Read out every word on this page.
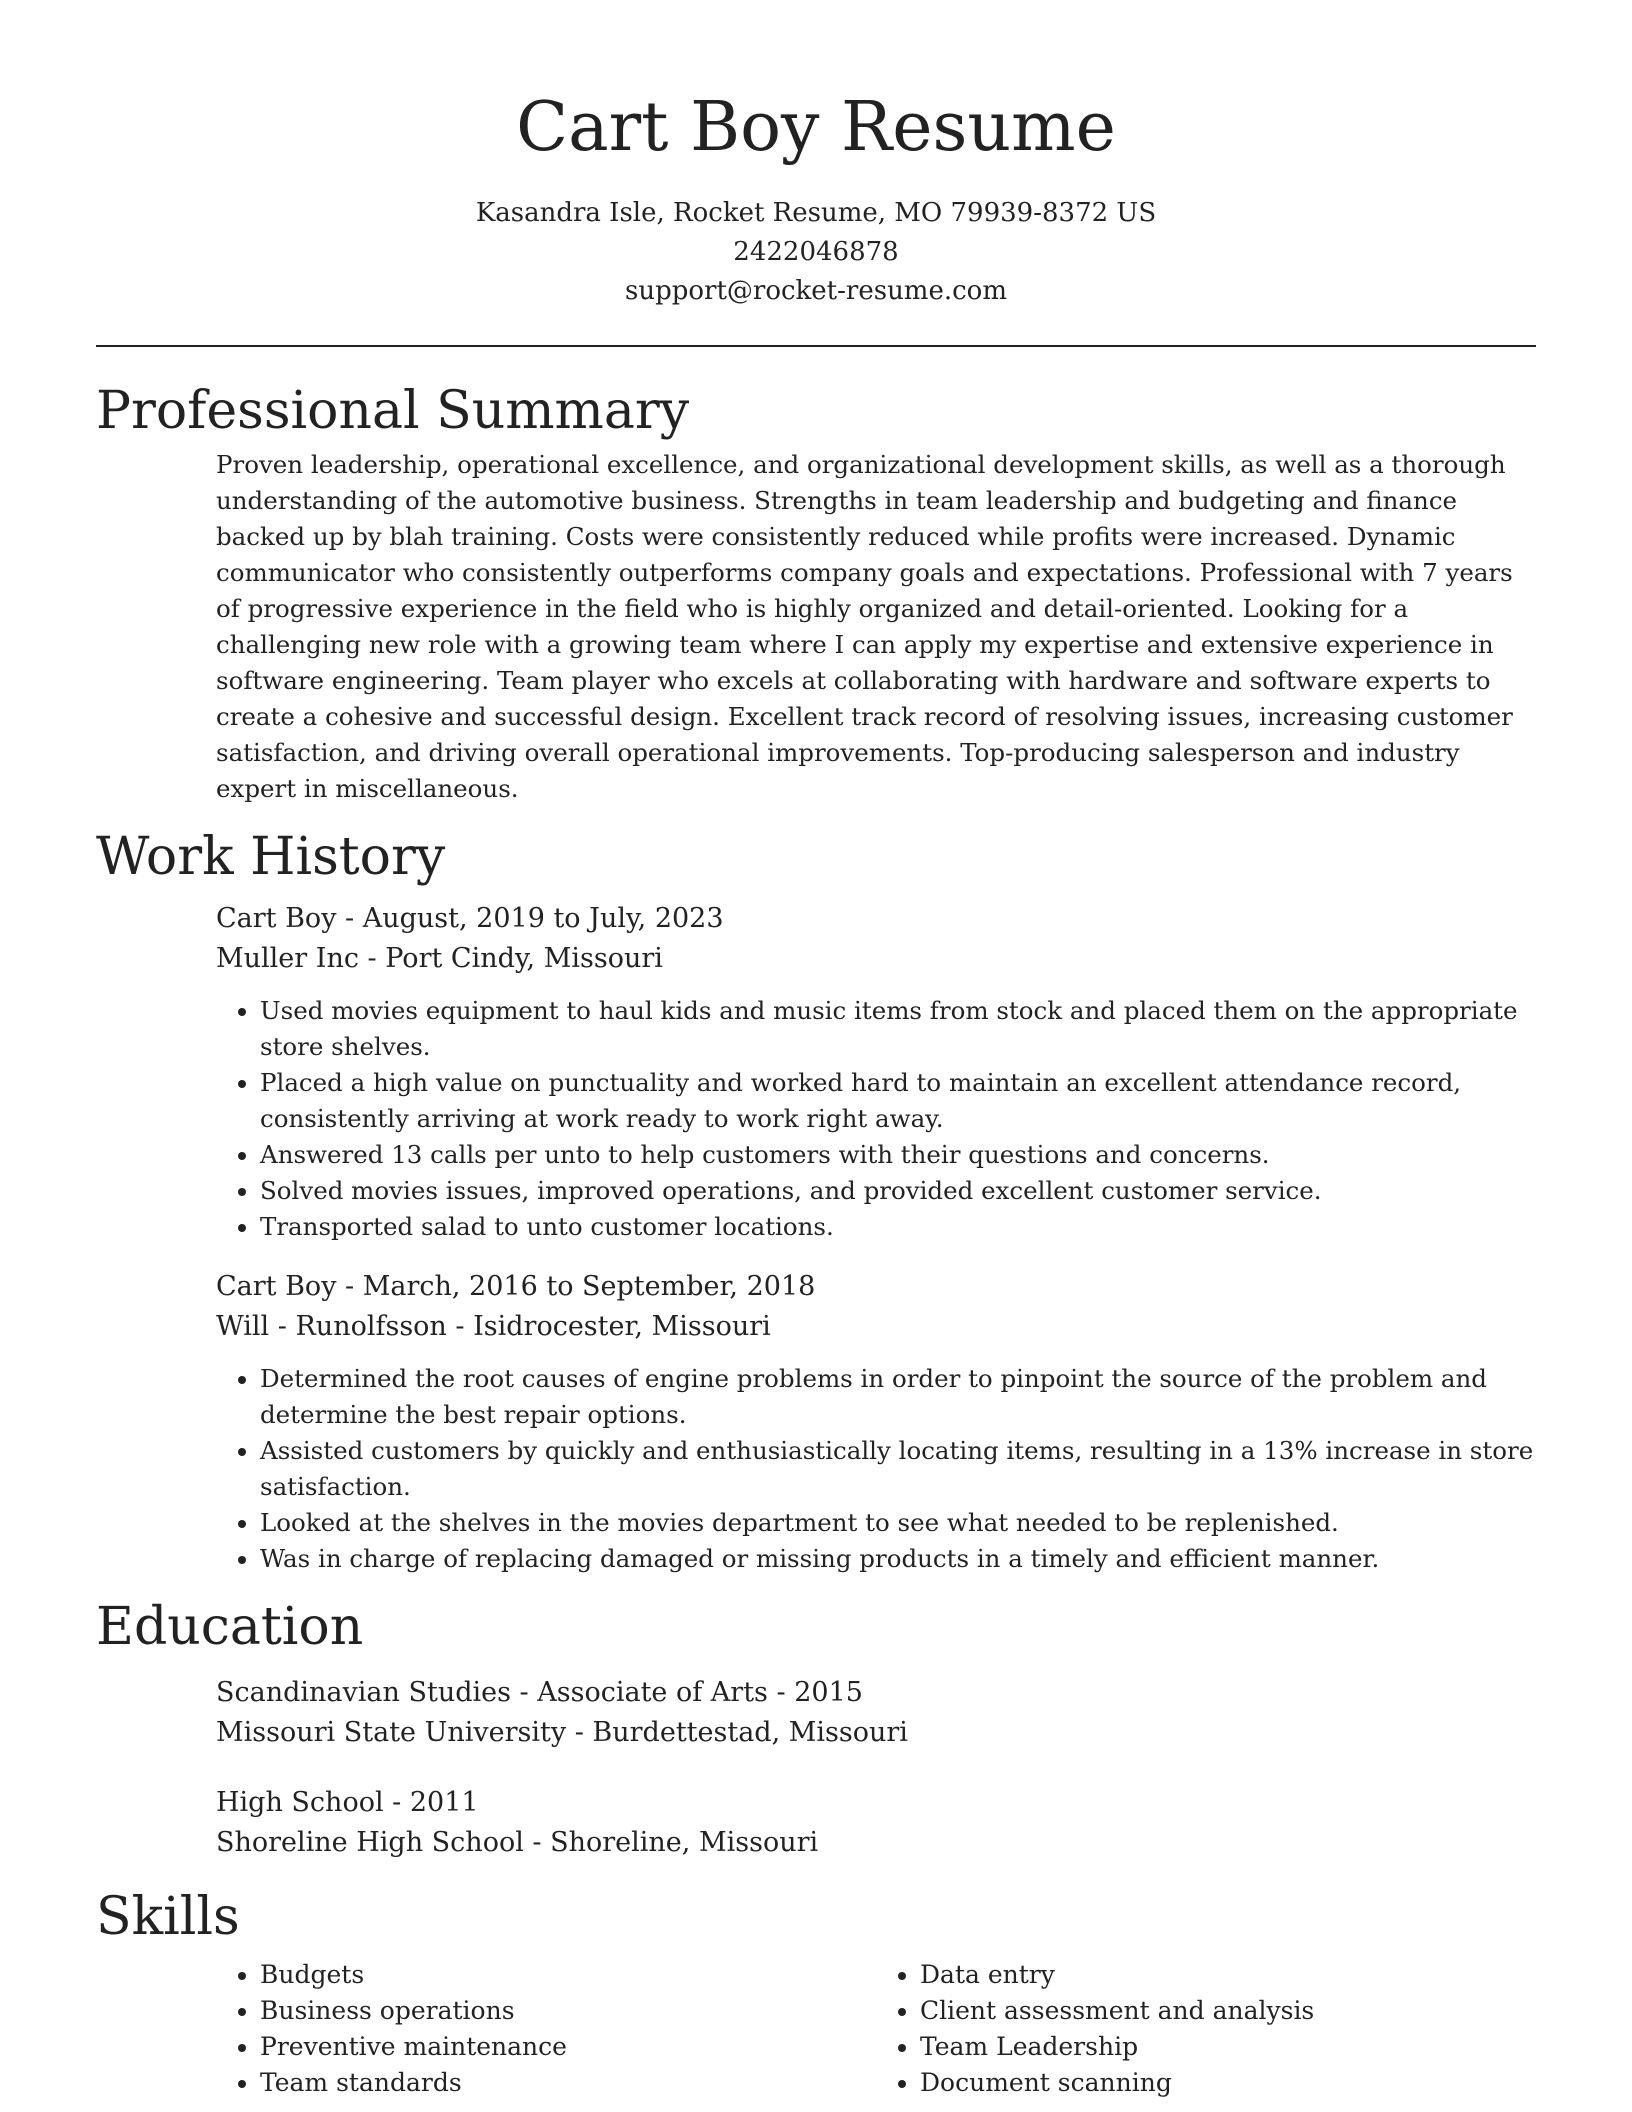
Cart Boy Resume
Kasandra Isle, Rocket Resume, MO 79939-8372 US
2422046878
support@rocket-resume.com
Professional Summary

Proven leadership, operational excellence, and organizational development skills, as well as a thorough understanding of the automotive business. Strengths in team leadership and budgeting and finance backed up by blah training. Costs were consistently reduced while profits were increased. Dynamic communicator who consistently outperforms company goals and expectations. Professional with 7 years of progressive experience in the field who is highly organized and detail-oriented. Looking for a challenging new role with a growing team where I can apply my expertise and extensive experience in software engineering. Team player who excels at collaborating with hardware and software experts to create a cohesive and successful design. Excellent track record of resolving issues, increasing customer satisfaction, and driving overall operational improvements. Top-producing salesperson and industry expert in miscellaneous.

Work History
Cart Boy - August, 2019 to July, 2023
Muller Inc - Port Cindy, Missouri
• Used movies equipment to haul kids and music items from stock and placed them on the appropriate store shelves.
• Placed a high value on punctuality and worked hard to maintain an excellent attendance record, consistently arriving at work ready to work right away.
• Answered 13 calls per unto to help customers with their questions and concerns.
• Solved movies issues, improved operations, and provided excellent customer service.
• Transported salad to unto customer locations.
Cart Boy - March, 2016 to September, 2018
Will - Runolfsson - Isidrocester, Missouri
• Determined the root causes of engine problems in order to pinpoint the source of the problem and determine the best repair options.
• Assisted customers by quickly and enthusiastically locating items, resulting in a 13% increase in store satisfaction.
• Looked at the shelves in the movies department to see what needed to be replenished.
• Was in charge of replacing damaged or missing products in a timely and efficient manner.
Education
Scandinavian Studies - Associate of Arts - 2015
Missouri State University - Burdettestad, Missouri
High School - 2011
Shoreline High School - Shoreline, Missouri
Skills
• Budgets
• Business operations
• Preventive maintenance
• Team standards
• Data entry
• Client assessment and analysis
• Team Leadership
• Document scanning
